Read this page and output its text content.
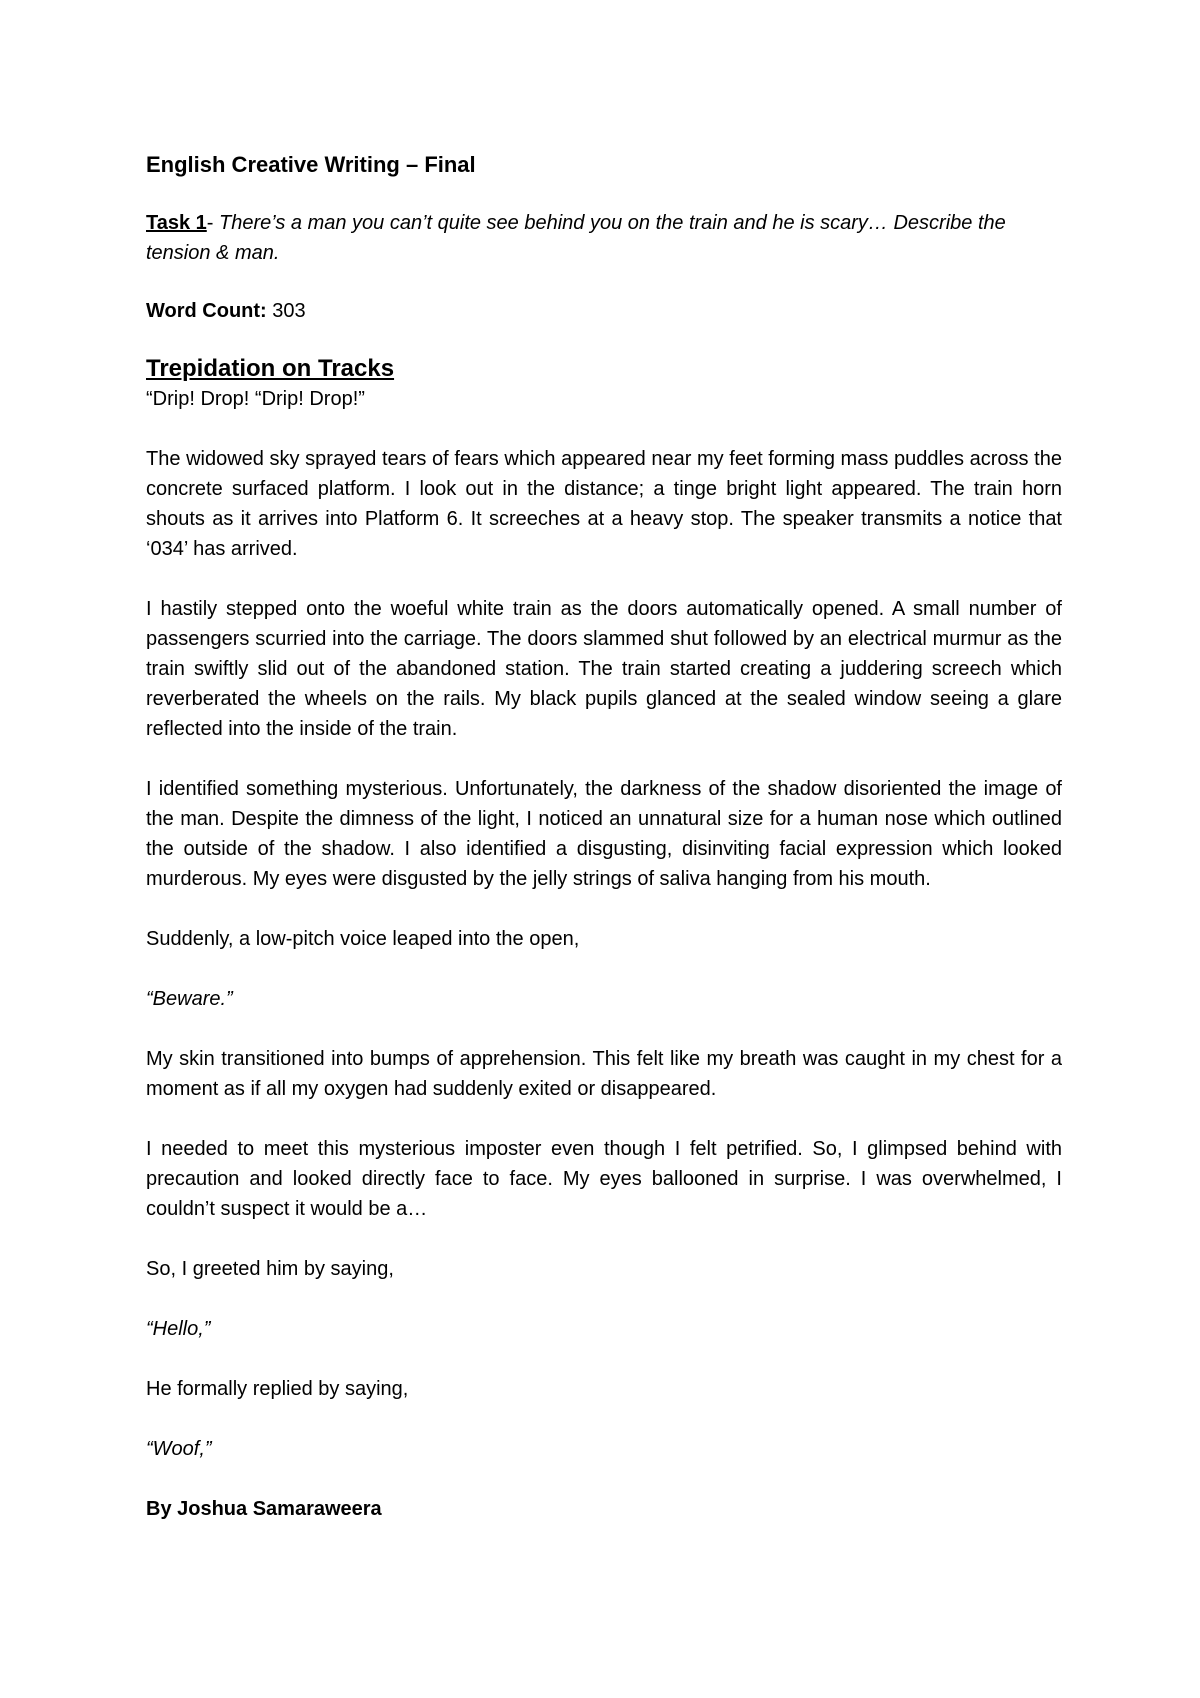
English Creative Writing – Final
Task 1- There’s a man you can’t quite see behind you on the train and he is scary… Describe the tension & man.
Word Count: 303
Trepidation on Tracks
“Drip! Drop! “Drip! Drop!”

The widowed sky sprayed tears of fears which appeared near my feet forming mass puddles across the concrete surfaced platform. I look out in the distance; a tinge bright light appeared. The train horn shouts as it arrives into Platform 6. It screeches at a heavy stop. The speaker transmits a notice that ‘034’ has arrived.

I hastily stepped onto the woeful white train as the doors automatically opened. A small number of passengers scurried into the carriage. The doors slammed shut followed by an electrical murmur as the train swiftly slid out of the abandoned station. The train started creating a juddering screech which reverberated the wheels on the rails. My black pupils glanced at the sealed window seeing a glare reflected into the inside of the train.

I identified something mysterious. Unfortunately, the darkness of the shadow disoriented the image of the man. Despite the dimness of the light, I noticed an unnatural size for a human nose which outlined the outside of the shadow. I also identified a disgusting, disinviting facial expression which looked murderous. My eyes were disgusted by the jelly strings of saliva hanging from his mouth.

Suddenly, a low-pitch voice leaped into the open,

“Beware.”

My skin transitioned into bumps of apprehension. This felt like my breath was caught in my chest for a moment as if all my oxygen had suddenly exited or disappeared.

I needed to meet this mysterious imposter even though I felt petrified. So, I glimpsed behind with precaution and looked directly face to face. My eyes ballooned in surprise. I was overwhelmed, I couldn’t suspect it would be a…

So, I greeted him by saying,

“Hello,”

He formally replied by saying,

“Woof,”

By Joshua Samaraweera
